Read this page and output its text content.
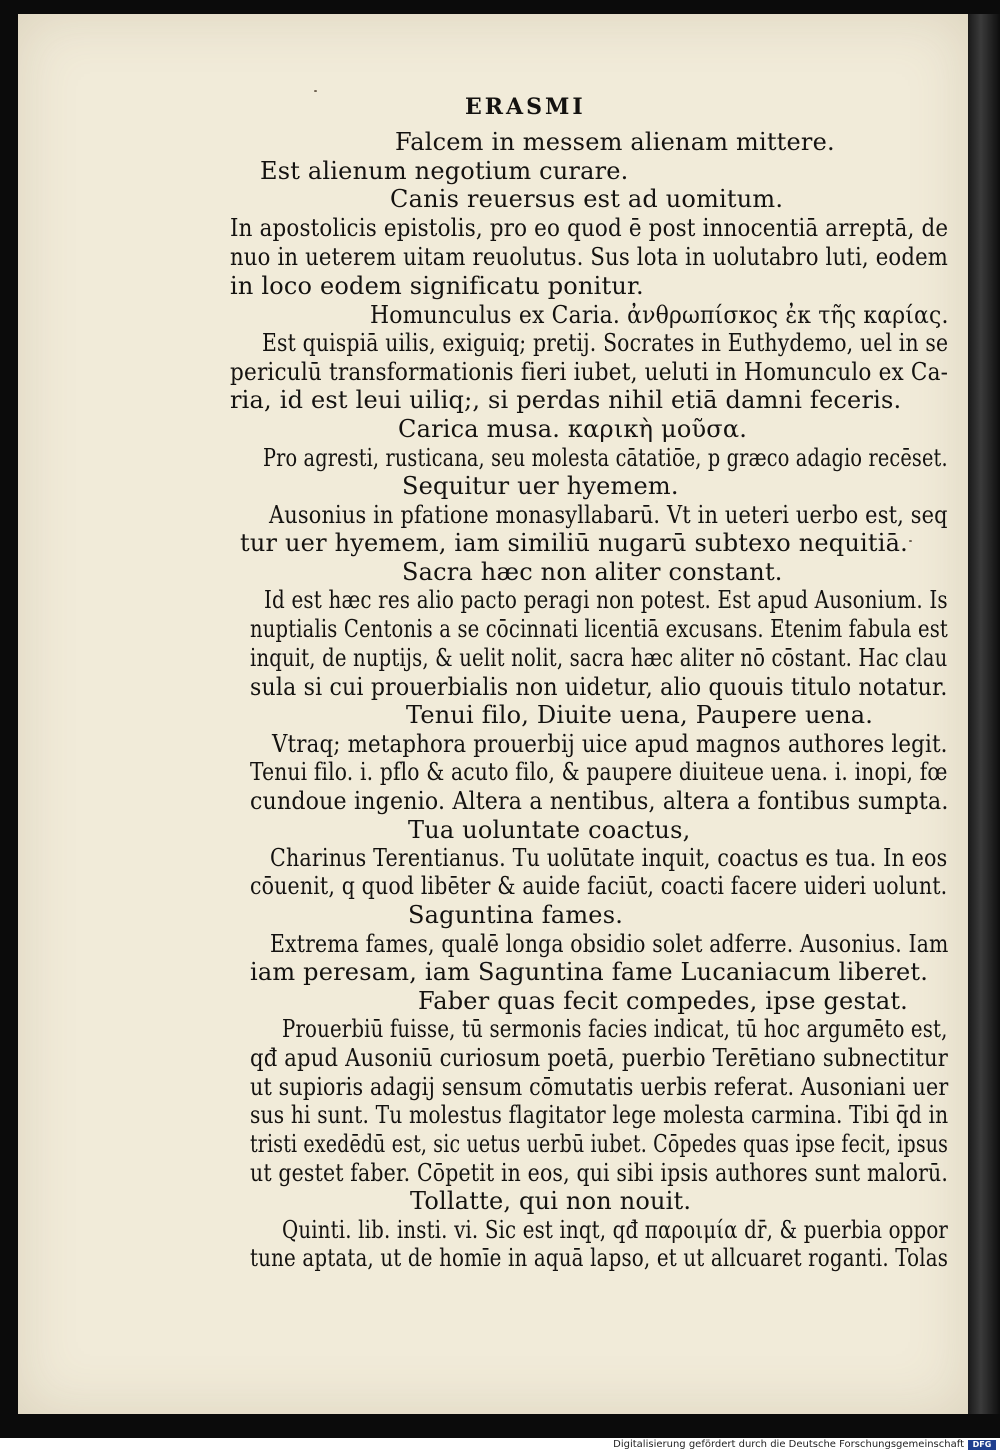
ERASMI
Falcem in messem alienam mittere.
Est alienum negotium curare.
Canis reuersus est ad uomitum.
In apostolicis epistolis, pro eo quod ē post innocentiā arreptā, de
nuo in ueterem uitam reuolutus. Sus lota in uolutabro luti, eodem
in loco eodem significatu ponitur.
Homunculus ex Caria. ἀνθρωπίσκος ἐκ τῆς καρίας.
Est quispiā uilis, exiguiq; pretij. Socrates in Euthydemo, uel in se
periculū transformationis fieri iubet, ueluti in Homunculo ex Ca-
ria, id est leui uiliq;, si perdas nihil etiā damni feceris.
Carica musa. καρικὴ μοῦσα.
Pro agresti, rusticana, seu molesta cātatiōe, p græco adagio recēset.
Sequitur uer hyemem.
Ausonius in pfatione monasyllabarū. Vt in ueteri uerbo est, seq
tur uer hyemem, iam similiū nugarū subtexo nequitiā.
Sacra hæc non aliter constant.
Id est hæc res alio pacto peragi non potest. Est apud Ausonium. Is
nuptialis Centonis a se cōcinnati licentiā excusans. Etenim fabula est
inquit, de nuptijs, & uelit nolit, sacra hæc aliter nō cōstant. Hac clau
sula si cui prouerbialis non uidetur, alio quouis titulo notatur.
Tenui filo, Diuite uena, Paupere uena.
Vtraq; metaphora prouerbij uice apud magnos authores legit.
Tenui filo. i. pflo & acuto filo, & paupere diuiteue uena. i. inopi, fœ
cundoue ingenio. Altera a nentibus, altera a fontibus sumpta.
Tua uoluntate coactus,
Charinus Terentianus. Tu uolūtate inquit, coactus es tua. In eos
cōuenit, q quod libēter & auide faciūt, coacti facere uideri uolunt.
Saguntina fames.
Extrema fames, qualē longa obsidio solet adferre. Ausonius. Iam
iam peresam, iam Saguntina fame Lucaniacum liberet.
Faber quas fecit compedes, ipse gestat.
Prouerbiū fuisse, tū sermonis facies indicat, tū hoc argumēto est,
qđ apud Ausoniū curiosum poetā, puerbio Terētiano subnectitur
ut supioris adagij sensum cōmutatis uerbis referat. Ausoniani uer
sus hi sunt. Tu molestus flagitator lege molesta carmina. Tibi q̄d in
tristi exedēdū est, sic uetus uerbū iubet. Cōpedes quas ipse fecit, ipsus
ut gestet faber. Cōpetit in eos, qui sibi ipsis authores sunt malorū.
Tollatte, qui non nouit.
Quinti. lib. insti. vi. Sic est inqt, qđ παροιμία dr̄, & puerbia oppor
tune aptata, ut de homīe in aquā lapso, et ut allcuaret roganti. Tolas
Digitalisierung gefördert durch die Deutsche Forschungsgemeinschaft	DFG
